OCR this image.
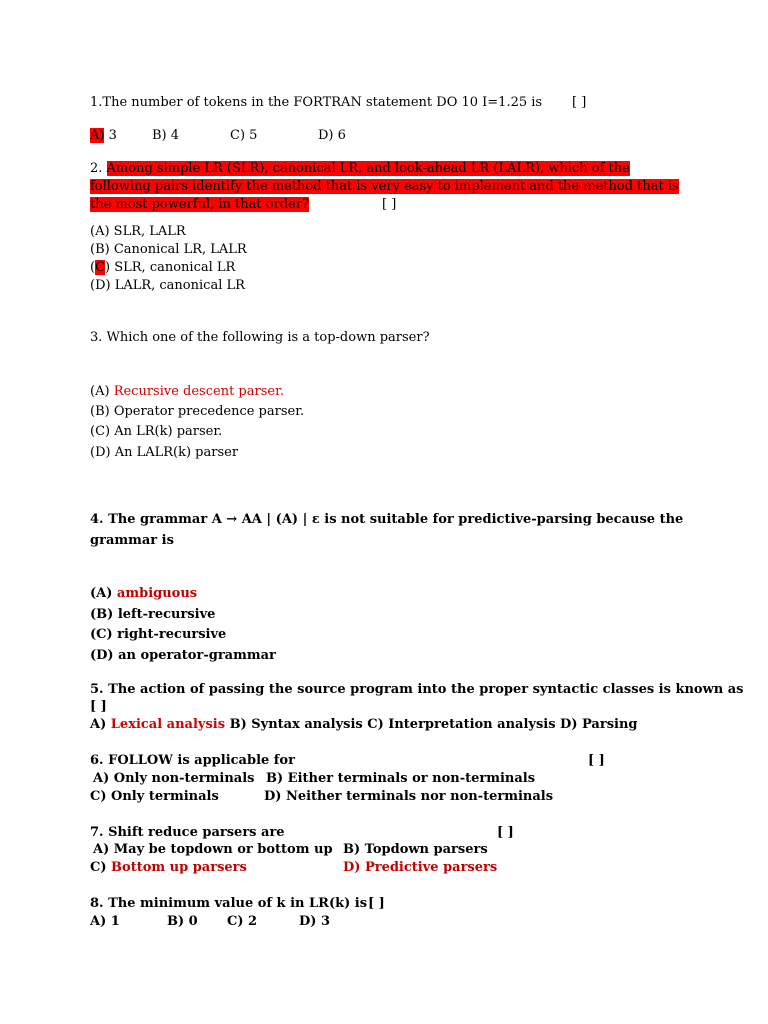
1.The number of tokens in the FORTRAN statement DO 10 I=1.25 is [ ]
A) 3	B) 4	C) 5	D) 6
2. Among simple LR (SLR), canonical LR, and look-ahead LR (LALR), which of the
following pairs identify the method that is very easy to implement and the method that is
the most powerful, in that order?	[ ]
(A) SLR, LALR
(B) Canonical LR, LALR
(C) SLR, canonical LR
(D) LALR, canonical LR
3. Which one of the following is a top-down parser?
(A) Recursive descent parser.
(B) Operator precedence parser.
(C) An LR(k) parser.
(D) An LALR(k) parser
4. The grammar A → AA | (A) | ε is not suitable for predictive-parsing because the
grammar is
(A) ambiguous
(B) left-recursive
(C) right-recursive
(D) an operator-grammar
5. The action of passing the source program into the proper syntactic classes is known as
[ ]
A) Lexical analysis B) Syntax analysis C) Interpretation analysis D) Parsing
6. FOLLOW is applicable for	[ ]
A) Only non-terminals B) Either terminals or non-terminals
C) Only terminals	D) Neither terminals nor non-terminals
7. Shift reduce parsers are	[ ]
A) May be topdown or bottom up B) Topdown parsers
C) Bottom up parsers	D) Predictive parsers
8. The minimum value of k in LR(k) is [ ]
A) 1	B) 0 C) 2	D) 3
